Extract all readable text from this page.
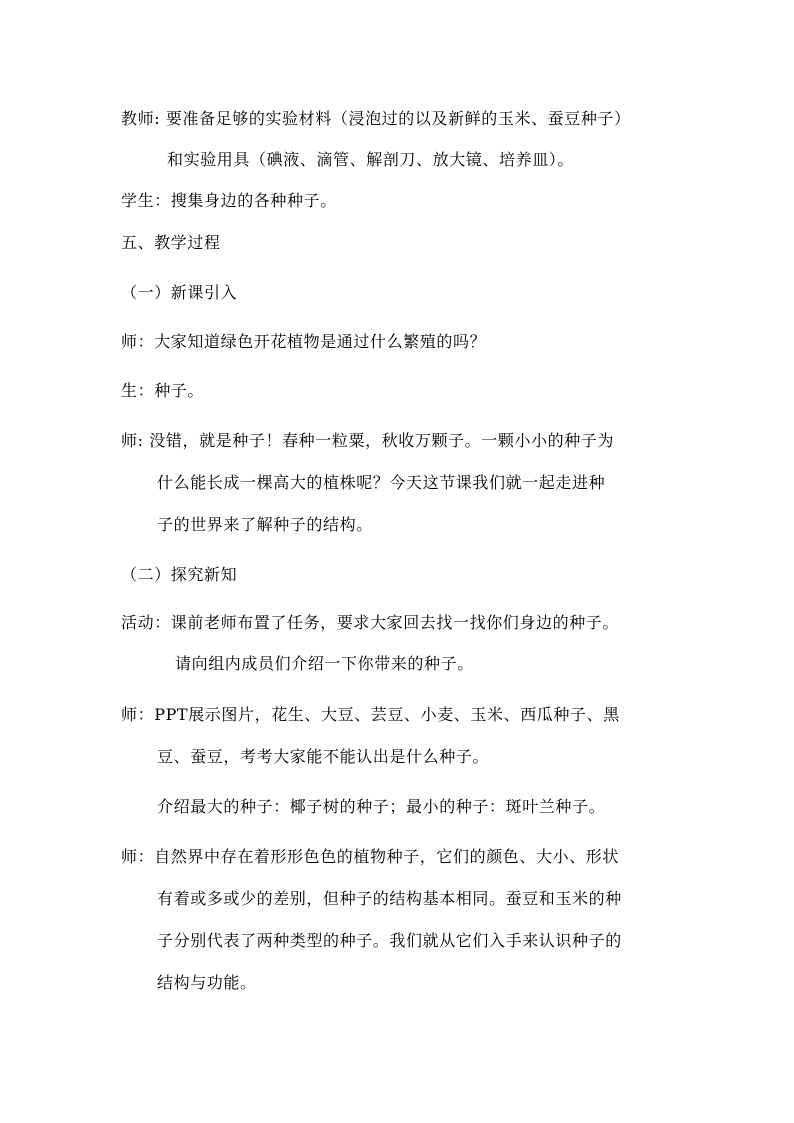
教师: 要准备足够的实验材料（浸泡过的以及新鲜的玉米、蚕豆种子）
和实验用具（碘液、滴管、解剖刀、放大镜、培养皿）。
学生：搜集身边的各种种子。
五、教学过程
（一）新课引入
师：大家知道绿色开花植物是通过什么繁殖的吗？
生：种子。
师: 没错，就是种子！春种一粒粟，秋收万颗子。一颗小小的种子为
什么能长成一棵高大的植株呢？今天这节课我们就一起走进种
子的世界来了解种子的结构。
（二）探究新知
活动：课前老师布置了任务，要求大家回去找一找你们身边的种子。
请向组内成员们介绍一下你带来的种子。
师：PPT展示图片，花生、大豆、芸豆、小麦、玉米、西瓜种子、黑
豆、蚕豆，考考大家能不能认出是什么种子。
介绍最大的种子：椰子树的种子；最小的种子：斑叶兰种子。
师：自然界中存在着形形色色的植物种子，它们的颜色、大小、形状
有着或多或少的差别，但种子的结构基本相同。蚕豆和玉米的种
子分别代表了两种类型的种子。我们就从它们入手来认识种子的
结构与功能。
